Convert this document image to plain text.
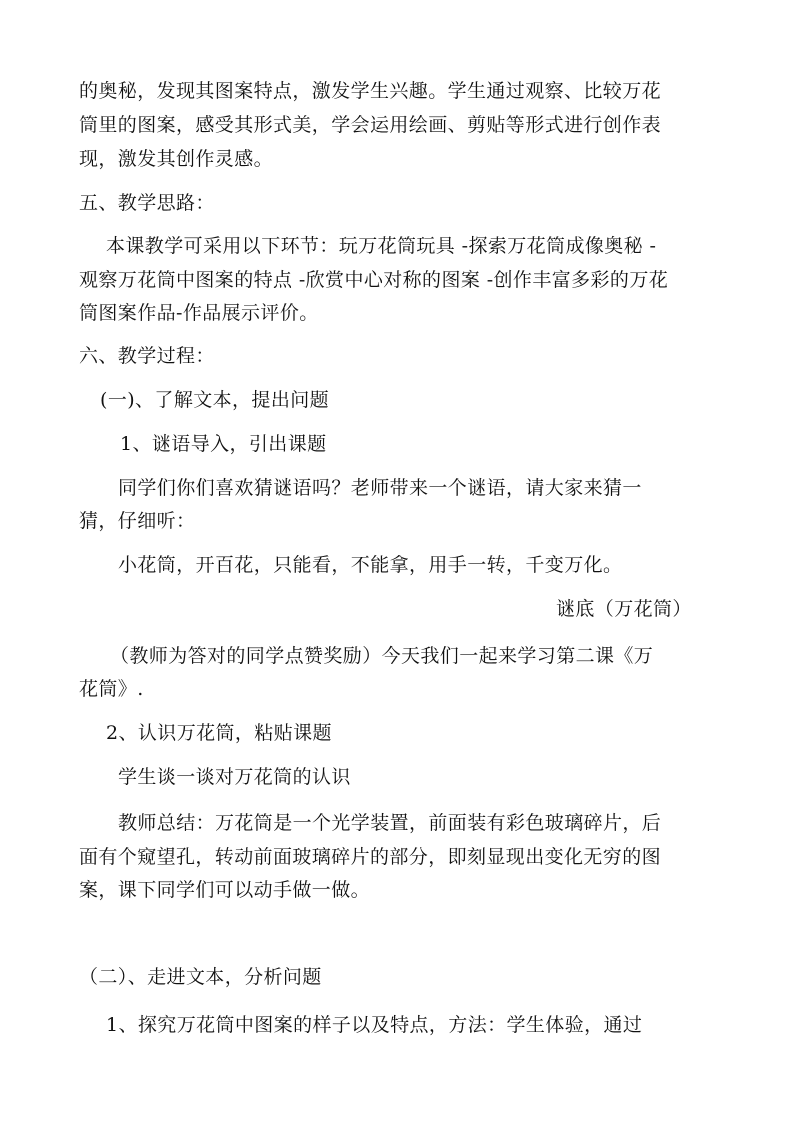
的奥秘，发现其图案特点，激发学生兴趣。学生通过观察、比较万花
筒里的图案，感受其形式美，学会运用绘画、剪贴等形式进行创作表
现，激发其创作灵感。
五、教学思路：
本课教学可采用以下环节：玩万花筒玩具 -探索万花筒成像奥秘 -
观察万花筒中图案的特点 -欣赏中心对称的图案 -创作丰富多彩的万花
筒图案作品-作品展示评价。
六、教学过程：
(一)、了解文本，提出问题
1、谜语导入，引出课题
同学们你们喜欢猜谜语吗？老师带来一个谜语，请大家来猜一
猜，仔细听：
小花筒，开百花，只能看，不能拿，用手一转，千变万化。
谜底（万花筒）
（教师为答对的同学点赞奖励）今天我们一起来学习第二课《万
花筒》.
2、认识万花筒，粘贴课题
学生谈一谈对万花筒的认识
教师总结：万花筒是一个光学装置，前面装有彩色玻璃碎片，后
面有个窥望孔，转动前面玻璃碎片的部分，即刻显现出变化无穷的图
案，课下同学们可以动手做一做。
（二）、走进文本，分析问题
1、探究万花筒中图案的样子以及特点，方法：学生体验，通过
